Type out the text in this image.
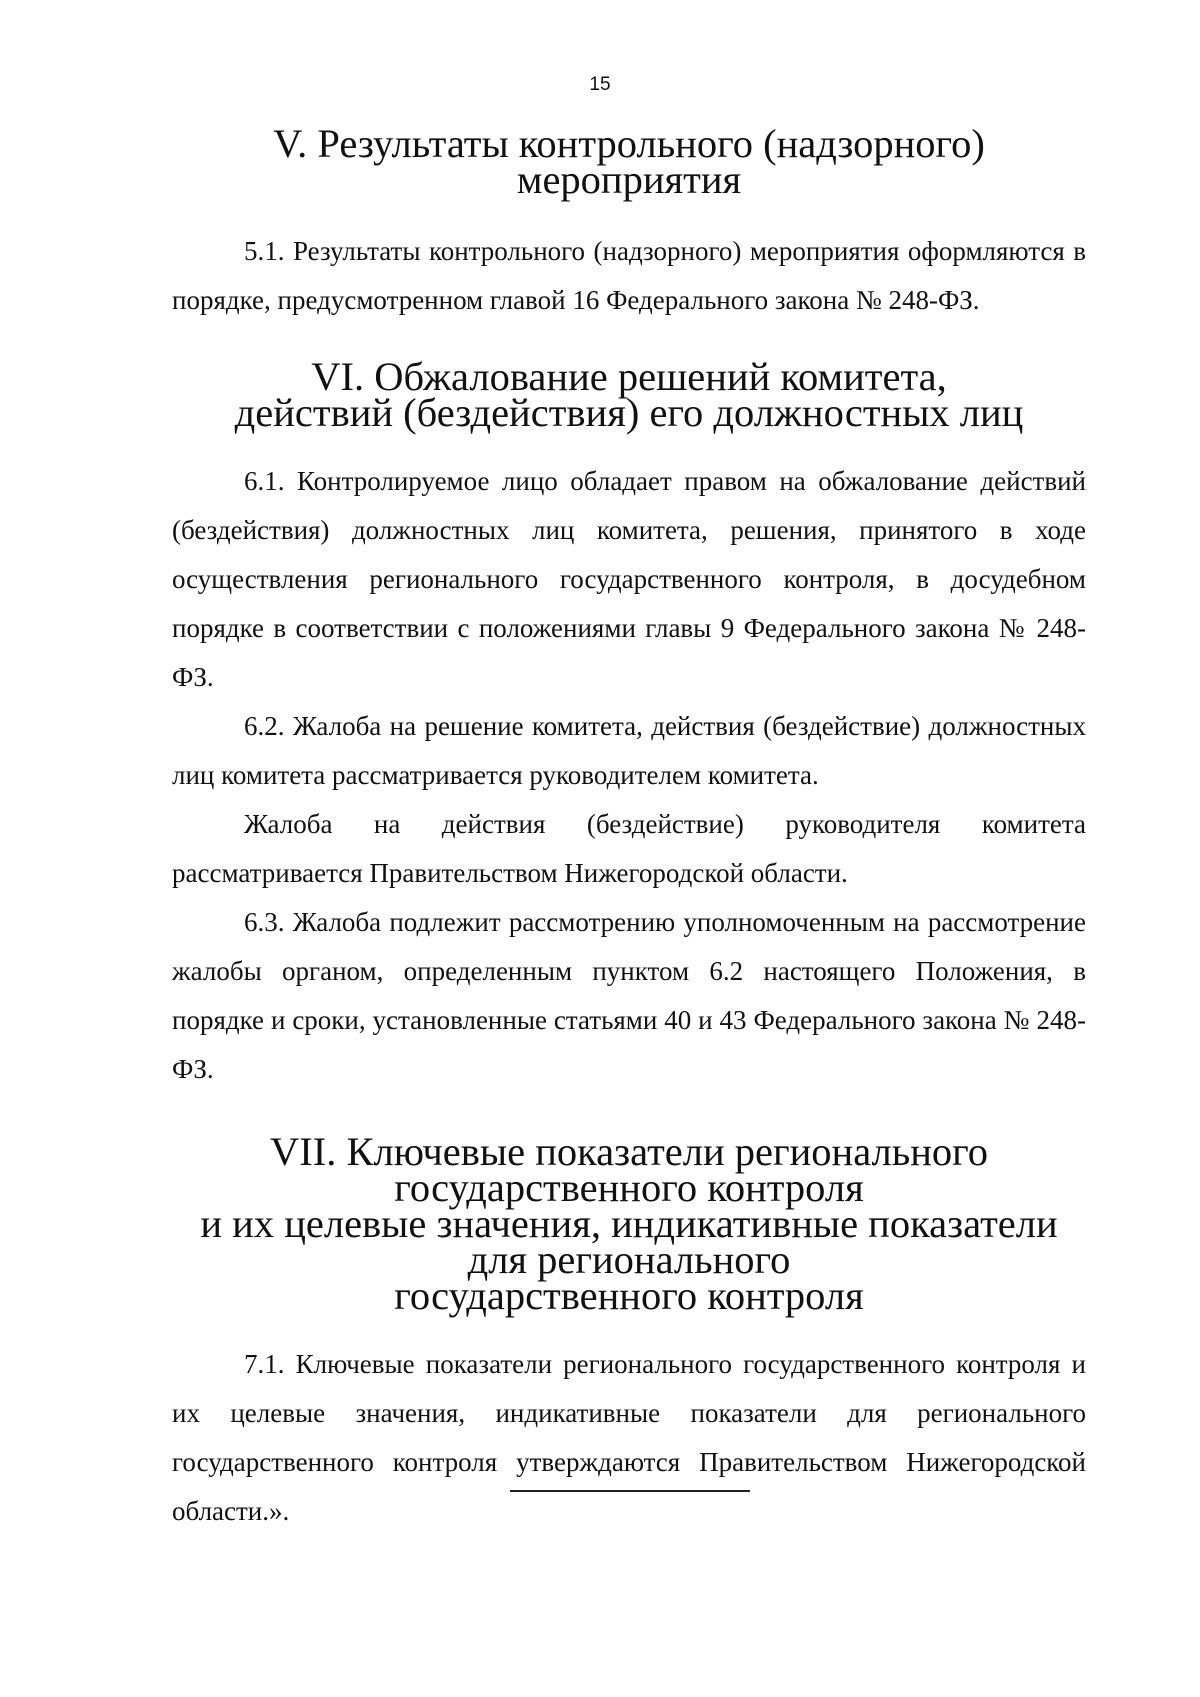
15
V. Результаты контрольного (надзорного) мероприятия

5.1. Результаты контрольного (надзорного) мероприятия оформляются в порядке, предусмотренном главой 16 Федерального закона № 248-ФЗ.

VI. Обжалование решений комитета,
действий (бездействия) его должностных лиц

6.1. Контролируемое лицо обладает правом на обжалование действий (бездействия) должностных лиц комитета, решения, принятого в ходе осуществления регионального государственного контроля, в досудебном порядке в соответствии с положениями главы 9 Федерального закона № 248-ФЗ.

6.2. Жалоба на решение комитета, действия (бездействие) должностных лиц комитета рассматривается руководителем комитета.

Жалоба на действия (бездействие) руководителя комитета рассматривается Правительством Нижегородской области.

6.3. Жалоба подлежит рассмотрению уполномоченным на рассмотрение жалобы органом, определенным пунктом 6.2 настоящего Положения, в порядке и сроки, установленные статьями 40 и 43 Федерального закона № 248-ФЗ.

VII. Ключевые показатели регионального государственного контроля
и их целевые значения, индикативные показатели для регионального
государственного контроля

7.1. Ключевые показатели регионального государственного контроля и их целевые значения, индикативные показатели для регионального государственного контроля утверждаются Правительством Нижегородской области.».
